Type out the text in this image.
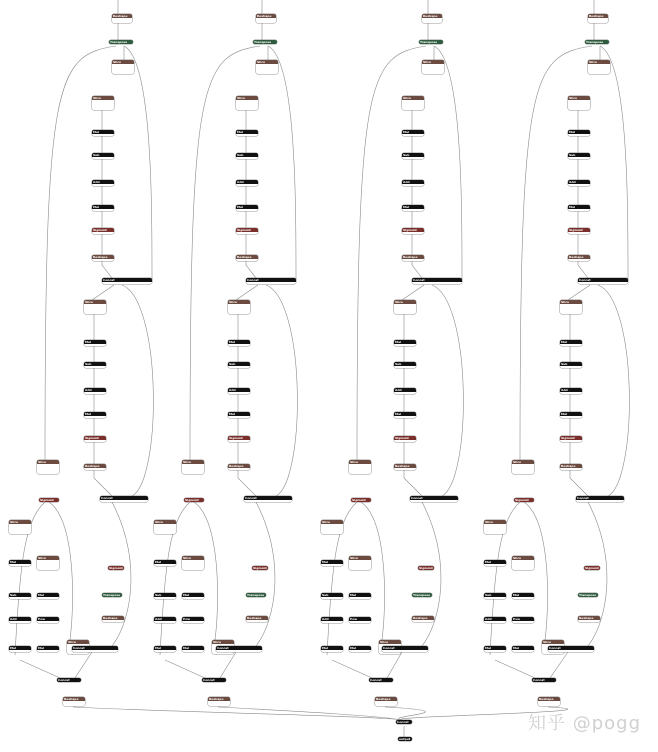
Reshape
Transpose
Slice
Mul
Sub
Add
Mul
Sigmoid
Reshape
Slice
Concat
Slice
Mul
Sub
Add
Mul
Sigmoid
Reshape
Concat
Slice
Sigmoid
Slice
Mul
Sub
Add
Mul
Slice
Mul
Pow
Mul
Slice
Sigmoid
Transpose
Reshape
Concat
Concat
Reshape
Reshape
Transpose
Slice
Mul
Sub
Add
Mul
Sigmoid
Reshape
Slice
Concat
Slice
Mul
Sub
Add
Mul
Sigmoid
Reshape
Concat
Slice
Sigmoid
Slice
Mul
Sub
Add
Mul
Slice
Mul
Pow
Mul
Slice
Sigmoid
Transpose
Reshape
Concat
Concat
Reshape
Reshape
Transpose
Slice
Mul
Sub
Add
Mul
Sigmoid
Reshape
Slice
Concat
Slice
Mul
Sub
Add
Mul
Sigmoid
Reshape
Concat
Slice
Sigmoid
Slice
Mul
Sub
Add
Mul
Slice
Mul
Pow
Mul
Slice
Sigmoid
Transpose
Reshape
Concat
Concat
Reshape
Reshape
Transpose
Slice
Mul
Sub
Add
Mul
Sigmoid
Reshape
Slice
Concat
Slice
Mul
Sub
Add
Mul
Sigmoid
Reshape
Concat
Slice
Sigmoid
Slice
Mul
Sub
Add
Mul
Slice
Mul
Pow
Mul
Slice
Sigmoid
Transpose
Reshape
Concat
Concat
Reshape
Concat
output
知乎 @pogg
